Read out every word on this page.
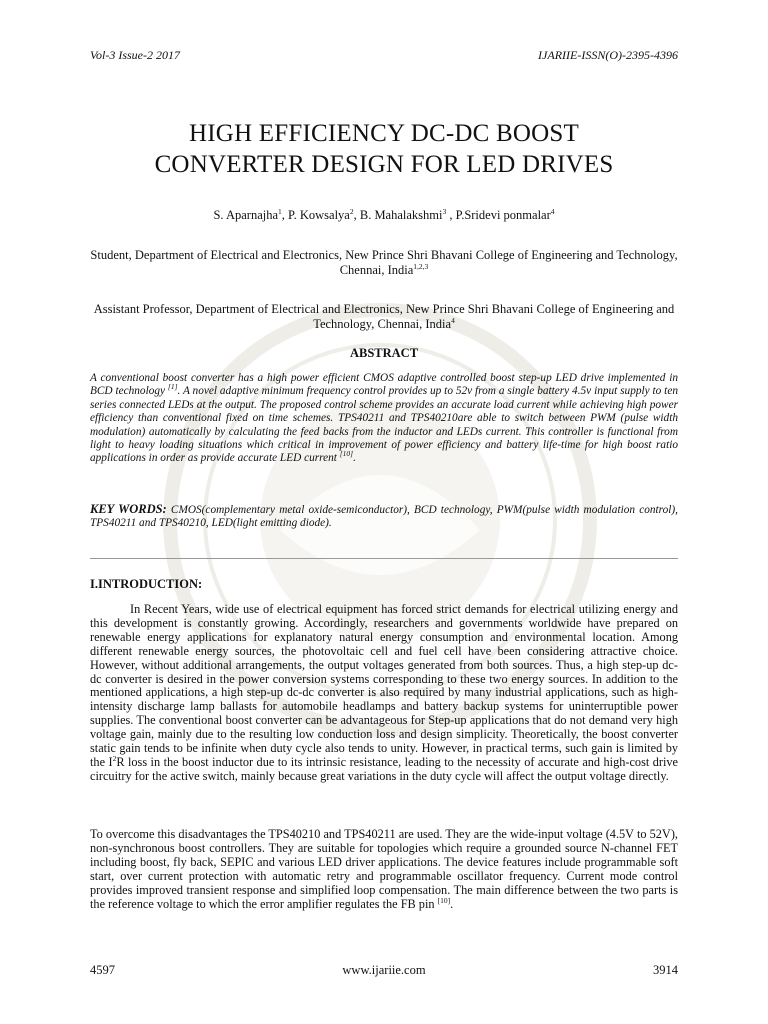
Vol-3 Issue-2 2017	IJARIIE-ISSN(O)-2395-4396
HIGH EFFICIENCY DC-DC BOOST
CONVERTER DESIGN FOR LED DRIVES
S. Aparnajha$^1$, P. Kowsalya$^2$, B. Mahalakshmi$^3$ , P.Sridevi ponmalar$^4$
Student, Department of Electrical and Electronics, New Prince Shri Bhavani College of Engineering and Technology, Chennai, India$^{1,2,3}$
Assistant Professor, Department of Electrical and Electronics, New Prince Shri Bhavani College of Engineering and Technology, Chennai, India$^4$
ABSTRACT
A conventional boost converter has a high power efficient CMOS adaptive controlled boost step-up LED drive implemented in BCD technology [1]. A novel adaptive minimum frequency control provides up to 52v from a single battery 4.5v input supply to ten series connected LEDs at the output. The proposed control scheme provides an accurate load current while achieving high power efficiency than conventional fixed on time schemes. TPS40211 and TPS40210are able to switch between PWM (pulse width modulation) automatically by calculating the feed backs from the inductor and LEDs current. This controller is functional from light to heavy loading situations which critical in improvement of power efficiency and battery life-time for high boost ratio applications in order as provide accurate LED current [10].
KEY WORDS: CMOS(complementary metal oxide-semiconductor), BCD technology, PWM(pulse width modulation control), TPS40211 and TPS40210, LED(light emitting diode).
I.INTRODUCTION:
In Recent Years, wide use of electrical equipment has forced strict demands for electrical utilizing energy and this development is constantly growing. Accordingly, researchers and governments worldwide have prepared on renewable energy applications for explanatory natural energy consumption and environmental location. Among different renewable energy sources, the photovoltaic cell and fuel cell have been considering attractive choice. However, without additional arrangements, the output voltages generated from both sources. Thus, a high step-up dc-dc converter is desired in the power conversion systems corresponding to these two energy sources. In addition to the mentioned applications, a high step-up dc-dc converter is also required by many industrial applications, such as high-intensity discharge lamp ballasts for automobile headlamps and battery backup systems for uninterruptible power supplies. The conventional boost converter can be advantageous for Step-up applications that do not demand very high voltage gain, mainly due to the resulting low conduction loss and design simplicity. Theoretically, the boost converter static gain tends to be infinite when duty cycle also tends to unity. However, in practical terms, such gain is limited by the $I^2R$ loss in the boost inductor due to its intrinsic resistance, leading to the necessity of accurate and high-cost drive circuitry for the active switch, mainly because great variations in the duty cycle will affect the output voltage directly.
To overcome this disadvantages the TPS40210 and TPS40211 are used. They are the wide-input voltage (4.5V to 52V), non-synchronous boost controllers. They are suitable for topologies which require a grounded source N-channel FET including boost, fly back, SEPIC and various LED driver applications. The device features include programmable soft start, over current protection with automatic retry and programmable oscillator frequency. Current mode control provides improved transient response and simplified loop compensation. The main difference between the two parts is the reference voltage to which the error amplifier regulates the FB pin [10].
4597	www.ijariie.com	3914
